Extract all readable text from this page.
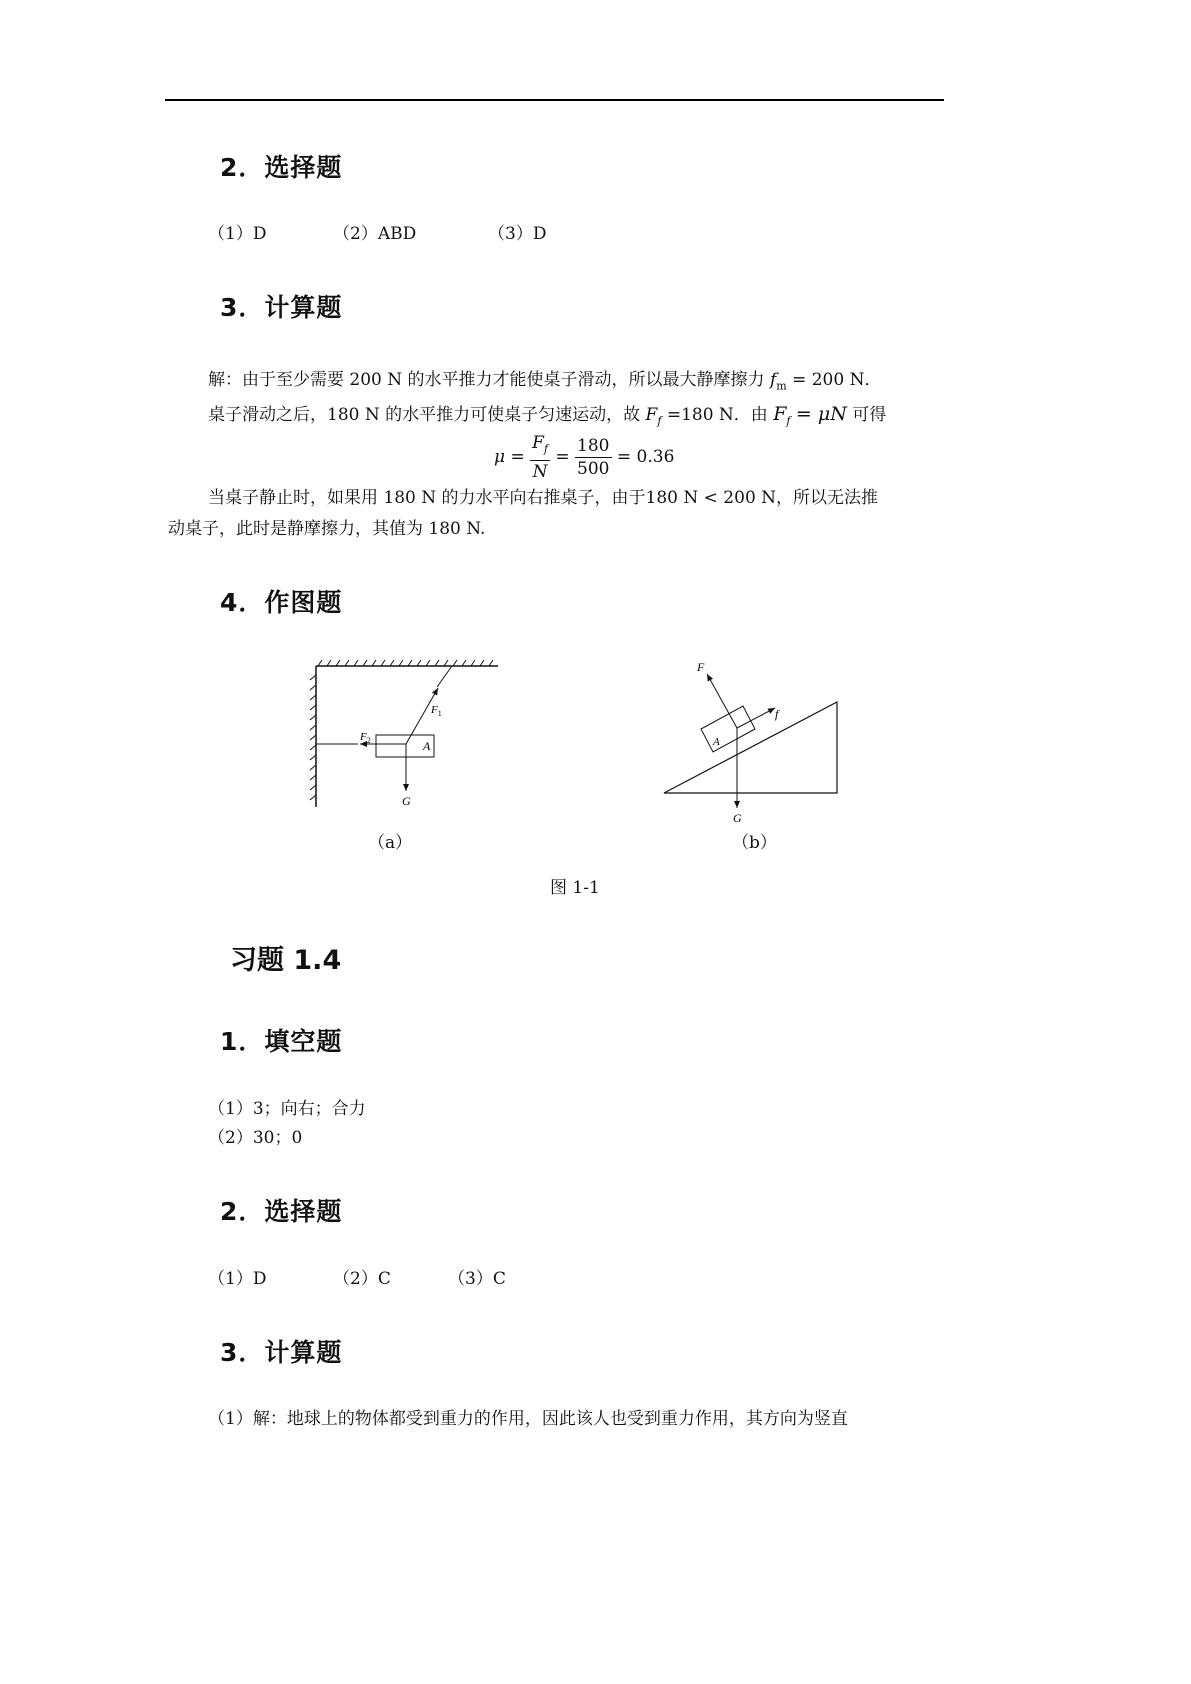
2．选择题
（1）D	（2）ABD	（3）D
3．计算题
解：由于至少需要 200 N 的水平推力才能使桌子滑动，所以最大静摩擦力 $f_m = 200$ N．
桌子滑动之后，180 N 的水平推力可使桌子匀速运动，故 $F_f =180$ N．由 $F_f = \mu N$ 可得
$\mu = \frac{F_f}{N} = \frac{180}{500} = 0.36$
当桌子静止时，如果用 180 N 的力水平向右推桌子，由于180 N < 200 N，所以无法推
动桌子，此时是静摩擦力，其值为 180 N.
4．作图题
$F_1$
$F_2$	A
G
（a）
F
f
A
G
（b）
图 1-1
习题 1.4
1．填空题
（1）3；向右；合力
（2）30；0
2．选择题
（1）D	（2）C	（3）C
3．计算题
（1）解：地球上的物体都受到重力的作用，因此该人也受到重力作用，其方向为竖直
